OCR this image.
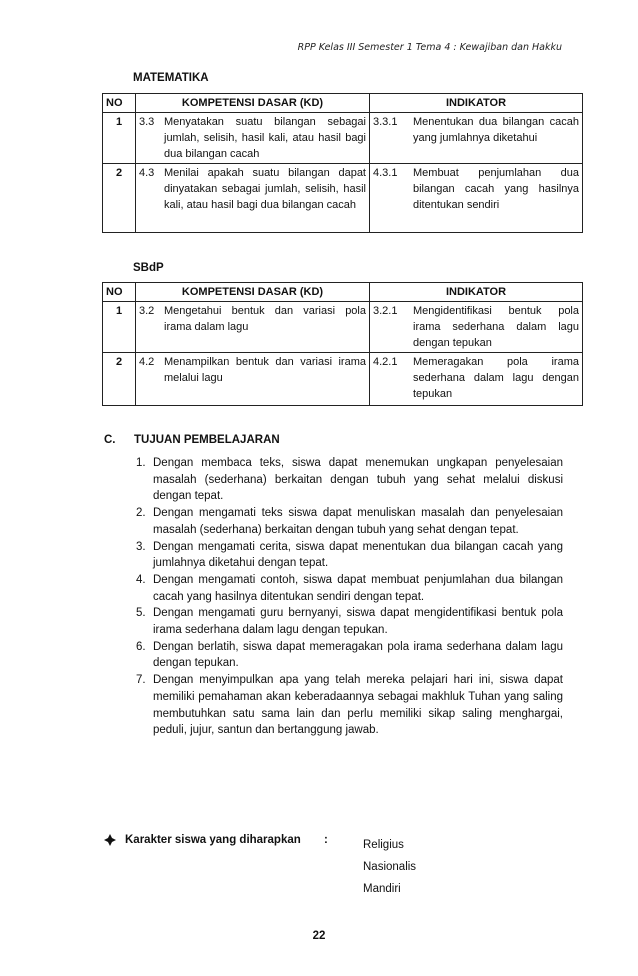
RPP Kelas III Semester 1 Tema 4 : Kewajiban dan Hakku
MATEMATIKA
NO	KOMPETENSI DASAR (KD)	INDIKATOR
1	3.3 Menyatakan suatu bilangan sebagai jumlah, selisih, hasil kali, atau hasil bagi dua bilangan cacah	3.3.1 Menentukan dua bilangan cacah yang jumlahnya diketahui

2	4.3 Menilai apakah suatu bilangan dapat dinyatakan sebagai jumlah, selisih, hasil kali, atau hasil bagi dua bilangan cacah	4.3.1 Membuat penjumlahan dua bilangan cacah yang hasilnya ditentukan sendiri
SBdP
NO	KOMPETENSI DASAR (KD)	INDIKATOR
1	3.2 Mengetahui bentuk dan variasi pola irama dalam lagu	3.2.1 Mengidentifikasi bentuk pola irama sederhana dalam lagu dengan tepukan

2	4.2 Menampilkan bentuk dan variasi irama melalui lagu	4.2.1 Memeragakan pola irama sederhana dalam lagu dengan tepukan
C. TUJUAN PEMBELAJARAN
1. Dengan membaca teks, siswa dapat menemukan ungkapan penyelesaian masalah (sederhana) berkaitan dengan tubuh yang sehat melalui diskusi dengan tepat.
2. Dengan mengamati teks siswa dapat menuliskan masalah dan penyelesaian masalah (sederhana) berkaitan dengan tubuh yang sehat dengan tepat.
3. Dengan mengamati cerita, siswa dapat menentukan dua bilangan cacah yang jumlahnya diketahui dengan tepat.
4. Dengan mengamati contoh, siswa dapat membuat penjumlahan dua bilangan cacah yang hasilnya ditentukan sendiri dengan tepat.
5. Dengan mengamati guru bernyanyi, siswa dapat mengidentifikasi bentuk pola irama sederhana dalam lagu dengan tepukan.
6. Dengan berlatih, siswa dapat memeragakan pola irama sederhana dalam lagu dengan tepukan.
7. Dengan menyimpulkan apa yang telah mereka pelajari hari ini, siswa dapat memiliki pemahaman akan keberadaannya sebagai makhluk Tuhan yang saling membutuhkan satu sama lain dan perlu memiliki sikap saling menghargai, peduli, jujur, santun dan bertanggung jawab.
Karakter siswa yang diharapkan :	Religius
Nasionalis
Mandiri
22
